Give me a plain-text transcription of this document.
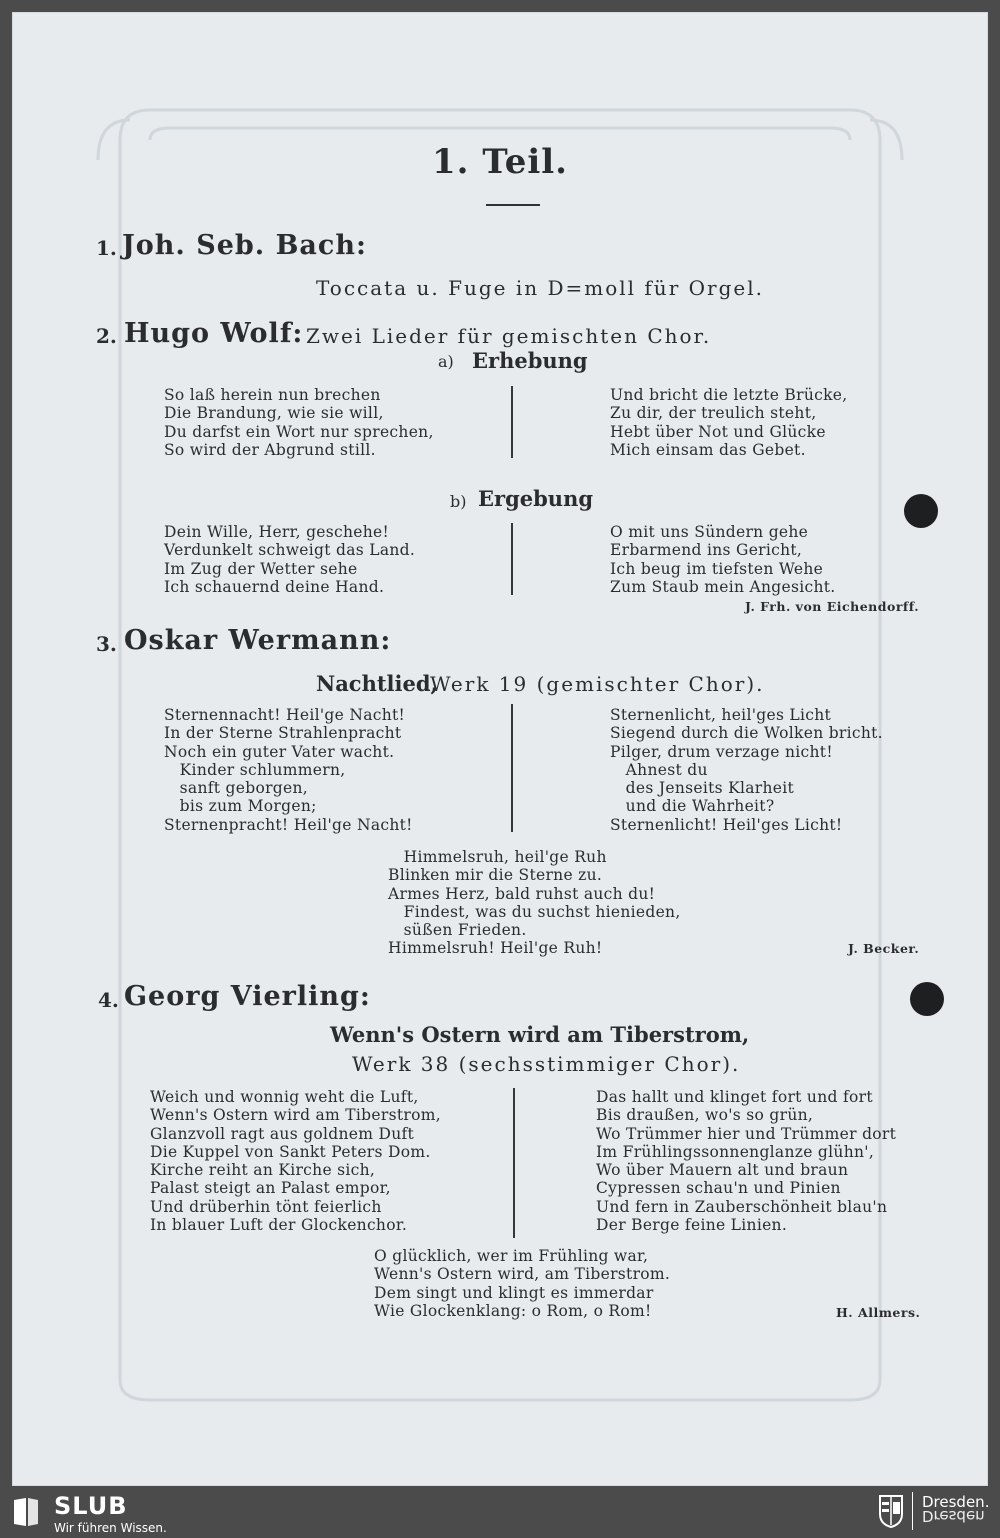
1. Teil.
1. Joh. Seb. Bach:
Toccata u. Fuge in D=moll für Orgel.
2. Hugo Wolf: Zwei Lieder für gemischten Chor.
a) Erhebung
So laß herein nun brechen
Die Brandung, wie sie will,
Du darfst ein Wort nur sprechen,
So wird der Abgrund still.
Und bricht die letzte Brücke,
Zu dir, der treulich steht,
Hebt über Not und Glücke
Mich einsam das Gebet.
b) Ergebung
Dein Wille, Herr, geschehe!
Verdunkelt schweigt das Land.
Im Zug der Wetter sehe
Ich schauernd deine Hand.
O mit uns Sündern gehe
Erbarmend ins Gericht,
Ich beug im tiefsten Wehe
Zum Staub mein Angesicht.
J. Frh. von Eichendorff.
3. Oskar Wermann:
Nachtlied,
Werk 19 (gemischter Chor).
Sternennacht! Heil'ge Nacht!
In der Sterne Strahlenpracht
Noch ein guter Vater wacht.
Kinder schlummern,
sanft geborgen,
bis zum Morgen;
Sternenpracht! Heil'ge Nacht!
Sternenlicht, heil'ges Licht
Siegend durch die Wolken bricht.
Pilger, drum verzage nicht!
Ahnest du
des Jenseits Klarheit
und die Wahrheit?
Sternenlicht! Heil'ges Licht!
Himmelsruh, heil'ge Ruh
Blinken mir die Sterne zu.
Armes Herz, bald ruhst auch du!
Findest, was du suchst hienieden,
süßen Frieden.
Himmelsruh! Heil'ge Ruh!	J. Becker.
4. Georg Vierling:
Wenn's Ostern wird am Tiberstrom,
Werk 38 (sechsstimmiger Chor).
Weich und wonnig weht die Luft,
Wenn's Ostern wird am Tiberstrom,
Glanzvoll ragt aus goldnem Duft
Die Kuppel von Sankt Peters Dom.
Kirche reiht an Kirche sich,
Palast steigt an Palast empor,
Und drüberhin tönt feierlich
In blauer Luft der Glockenchor.
Das hallt und klinget fort und fort
Bis draußen, wo's so grün,
Wo Trümmer hier und Trümmer dort
Im Frühlingssonnenglanze glühn',
Wo über Mauern alt und braun
Cypressen schau'n und Pinien
Und fern in Zauberschönheit blau'n
Der Berge feine Linien.
O glücklich, wer im Frühling war,
Wenn's Ostern wird, am Tiberstrom.
Dem singt und klingt es immerdar
Wie Glockenklang: o Rom, o Rom!	H. Allmers.
SLUB
Wir führen Wissen.
Dresden.
Dresden
